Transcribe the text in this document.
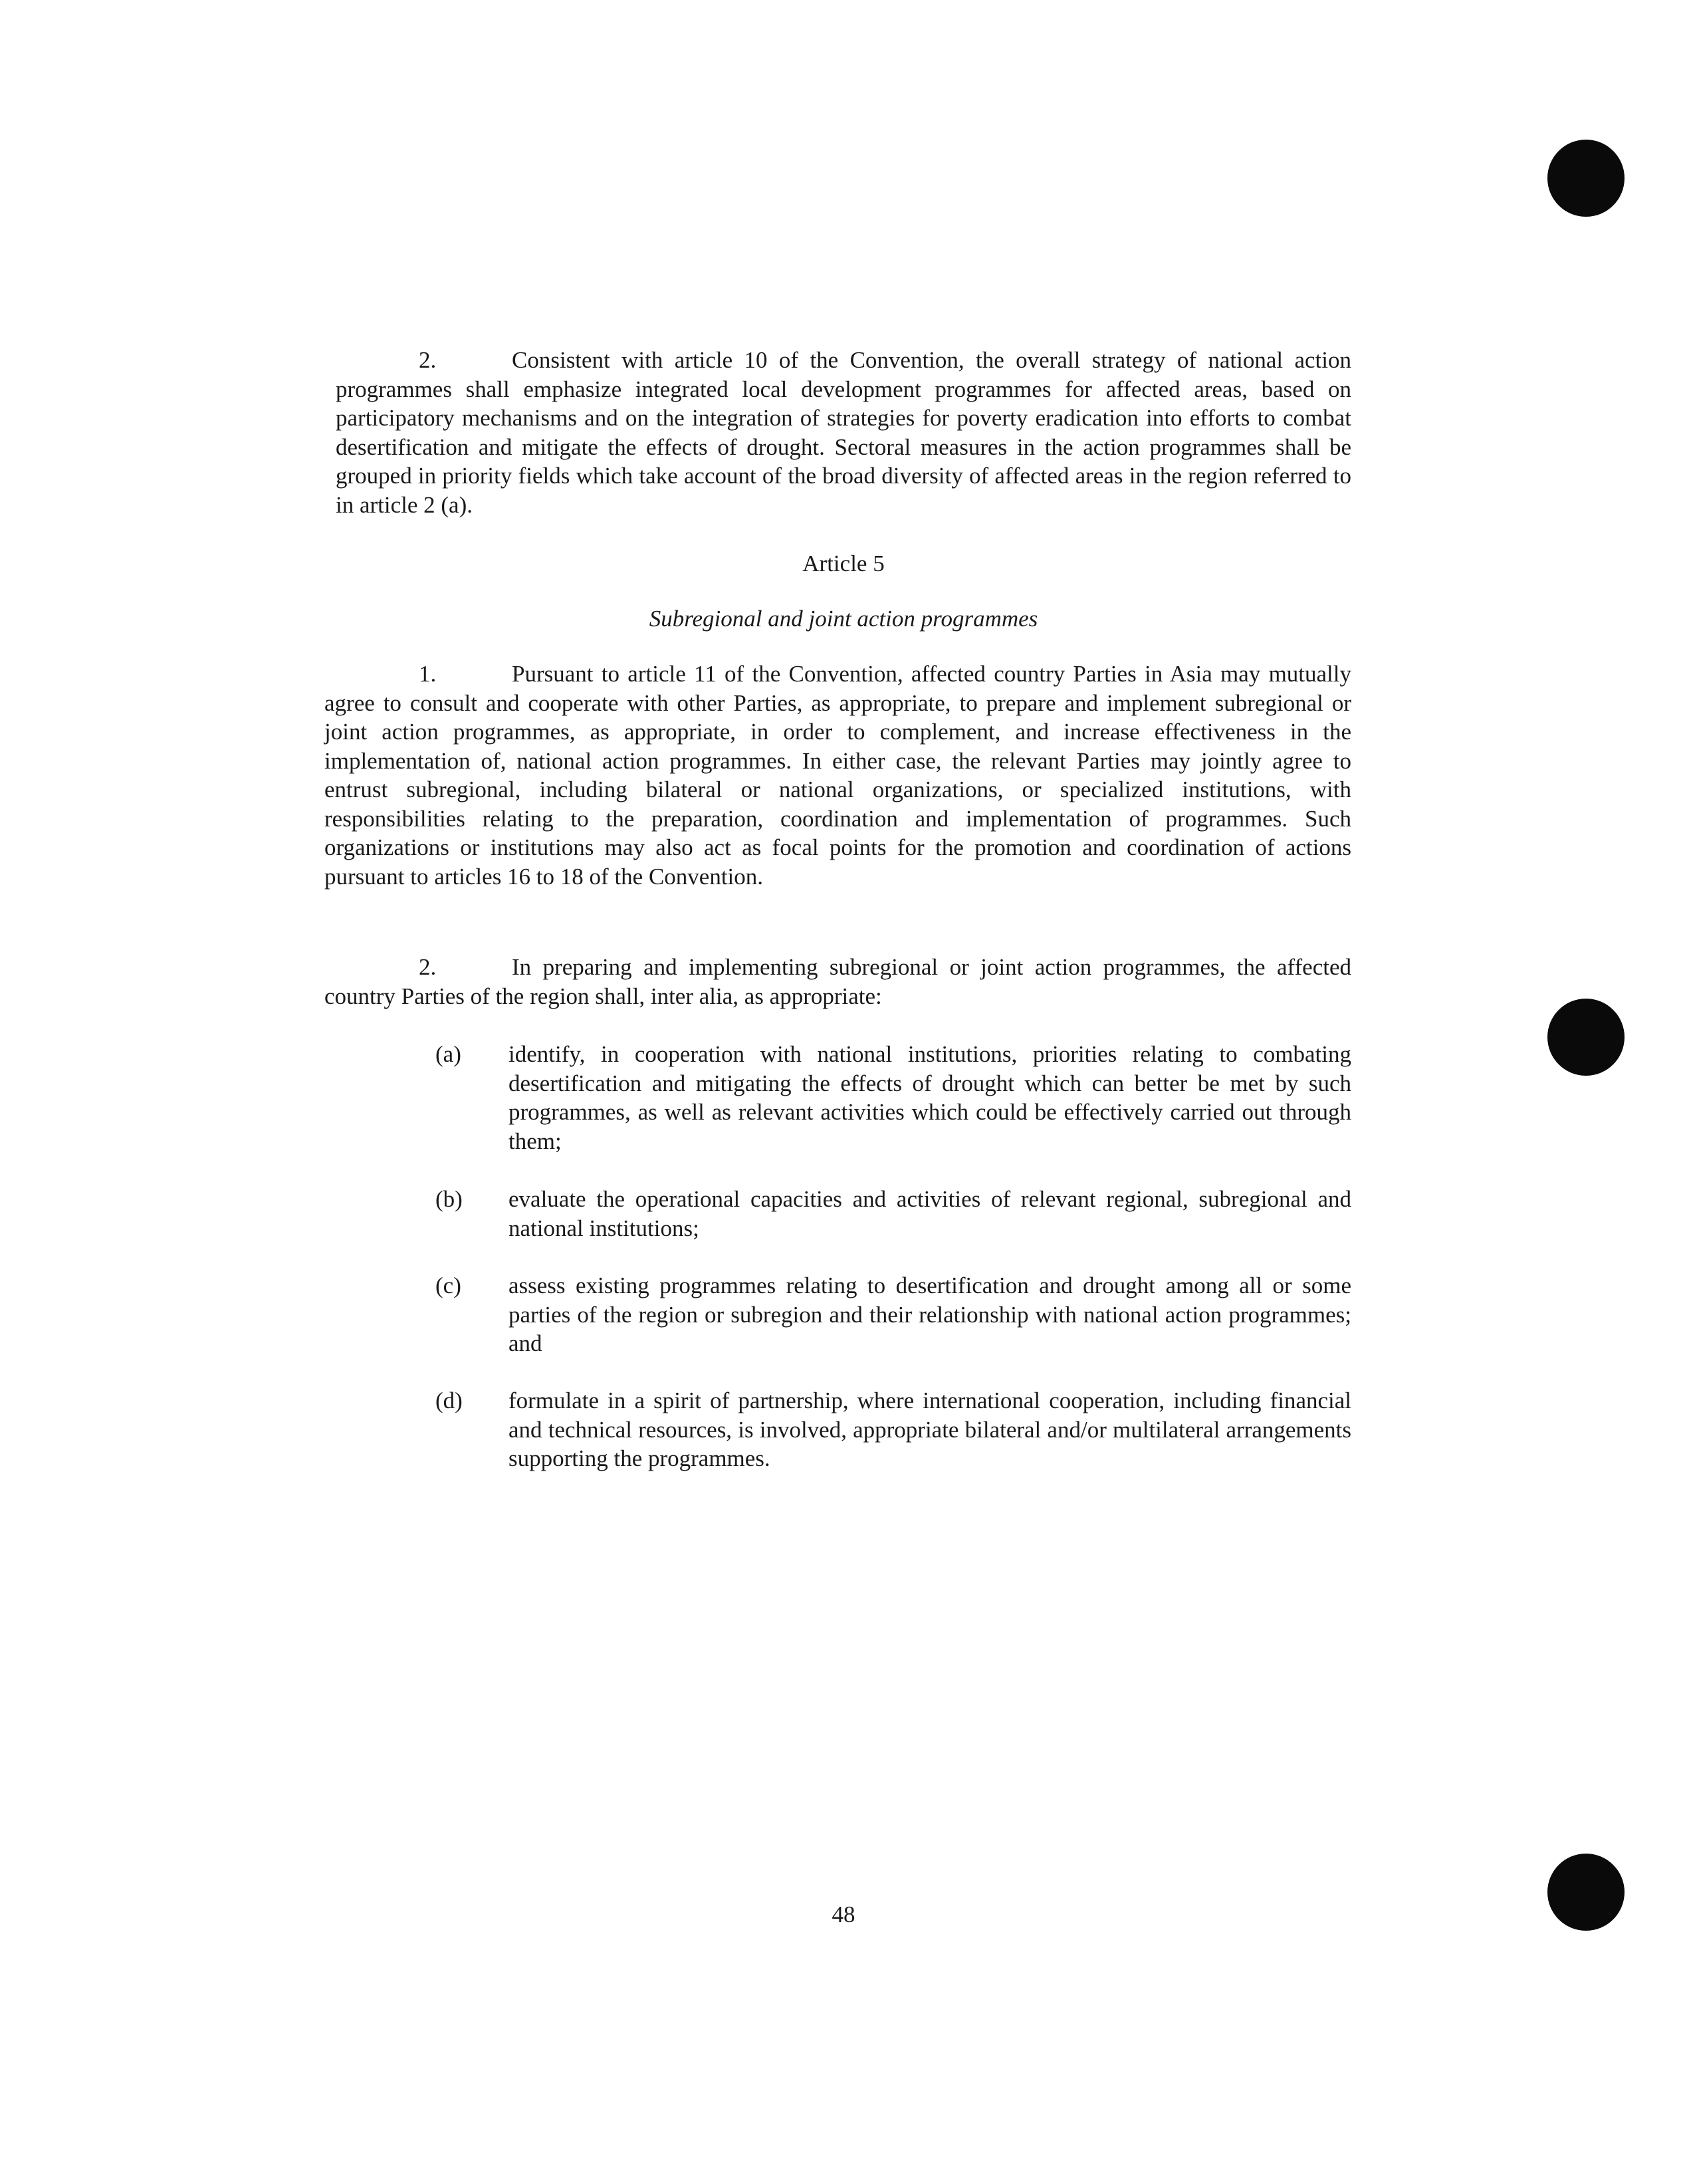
2.	Consistent with article 10 of the Convention, the overall strategy of national action programmes shall emphasize integrated local development programmes for affected areas, based on participatory mechanisms and on the integration of strategies for poverty eradication into efforts to combat desertification and mitigate the effects of drought. Sectoral measures in the action programmes shall be grouped in priority fields which take account of the broad diversity of affected areas in the region referred to in article 2 (a).
Article 5
Subregional and joint action programmes
1.	Pursuant to article 11 of the Convention, affected country Parties in Asia may mutually agree to consult and cooperate with other Parties, as appropriate, to prepare and implement subregional or joint action programmes, as appropriate, in order to complement, and increase effectiveness in the implementation of, national action programmes. In either case, the relevant Parties may jointly agree to entrust subregional, including bilateral or national organizations, or specialized institutions, with responsibilities relating to the preparation, coordination and implementation of programmes. Such organizations or institutions may also act as focal points for the promotion and coordination of actions pursuant to articles 16 to 18 of the Convention.
2.	In preparing and implementing subregional or joint action programmes, the affected country Parties of the region shall, inter alia, as appropriate:
(a) identify, in cooperation with national institutions, priorities relating to combating desertification and mitigating the effects of drought which can better be met by such programmes, as well as relevant activities which could be effectively carried out through them;
(b) evaluate the operational capacities and activities of relevant regional, subregional and national institutions;
(c) assess existing programmes relating to desertification and drought among all or some parties of the region or subregion and their relationship with national action programmes; and
(d) formulate in a spirit of partnership, where international cooperation, including financial and technical resources, is involved, appropriate bilateral and/or multilateral arrangements supporting the programmes.
48
